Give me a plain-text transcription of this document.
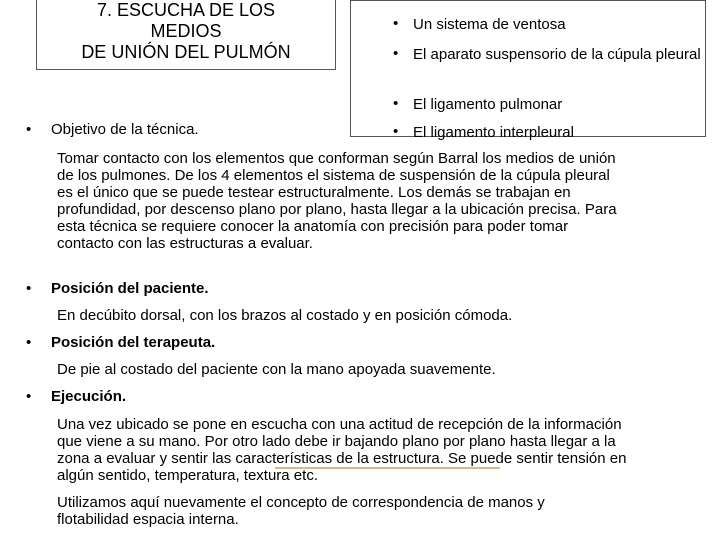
7. ESCUCHA DE LOS
MEDIOS
DE UNIÓN DEL PULMÓN
• Un sistema de ventosa
• El aparato suspensorio de la cúpula pleural
• El ligamento pulmonar
• El ligamento interpleural
• Objetivo de la técnica.
Tomar contacto con los elementos que conforman según Barral los medios de unión de los pulmones. De los 4 elementos el sistema de suspensión de la cúpula pleural es el único que se puede testear estructuralmente. Los demás se trabajan en profundidad, por descenso plano por plano, hasta llegar a la ubicación precisa. Para esta técnica se requiere conocer la anatomía con precisión para poder tomar contacto con las estructuras a evaluar.
• Posición del paciente.
En decúbito dorsal, con los brazos al costado y en posición cómoda.
• Posición del terapeuta.
De pie al costado del paciente con la mano apoyada suavemente.
• Ejecución.
Una vez ubicado se pone en escucha con una actitud de recepción de la información que viene a su mano. Por otro lado debe ir bajando plano por plano hasta llegar a la zona a evaluar y sentir las características de la estructura. Se puede sentir tensión en algún sentido, temperatura, textura etc.
Utilizamos aquí nuevamente el concepto de correspondencia de manos y flotabilidad espacia interna.
